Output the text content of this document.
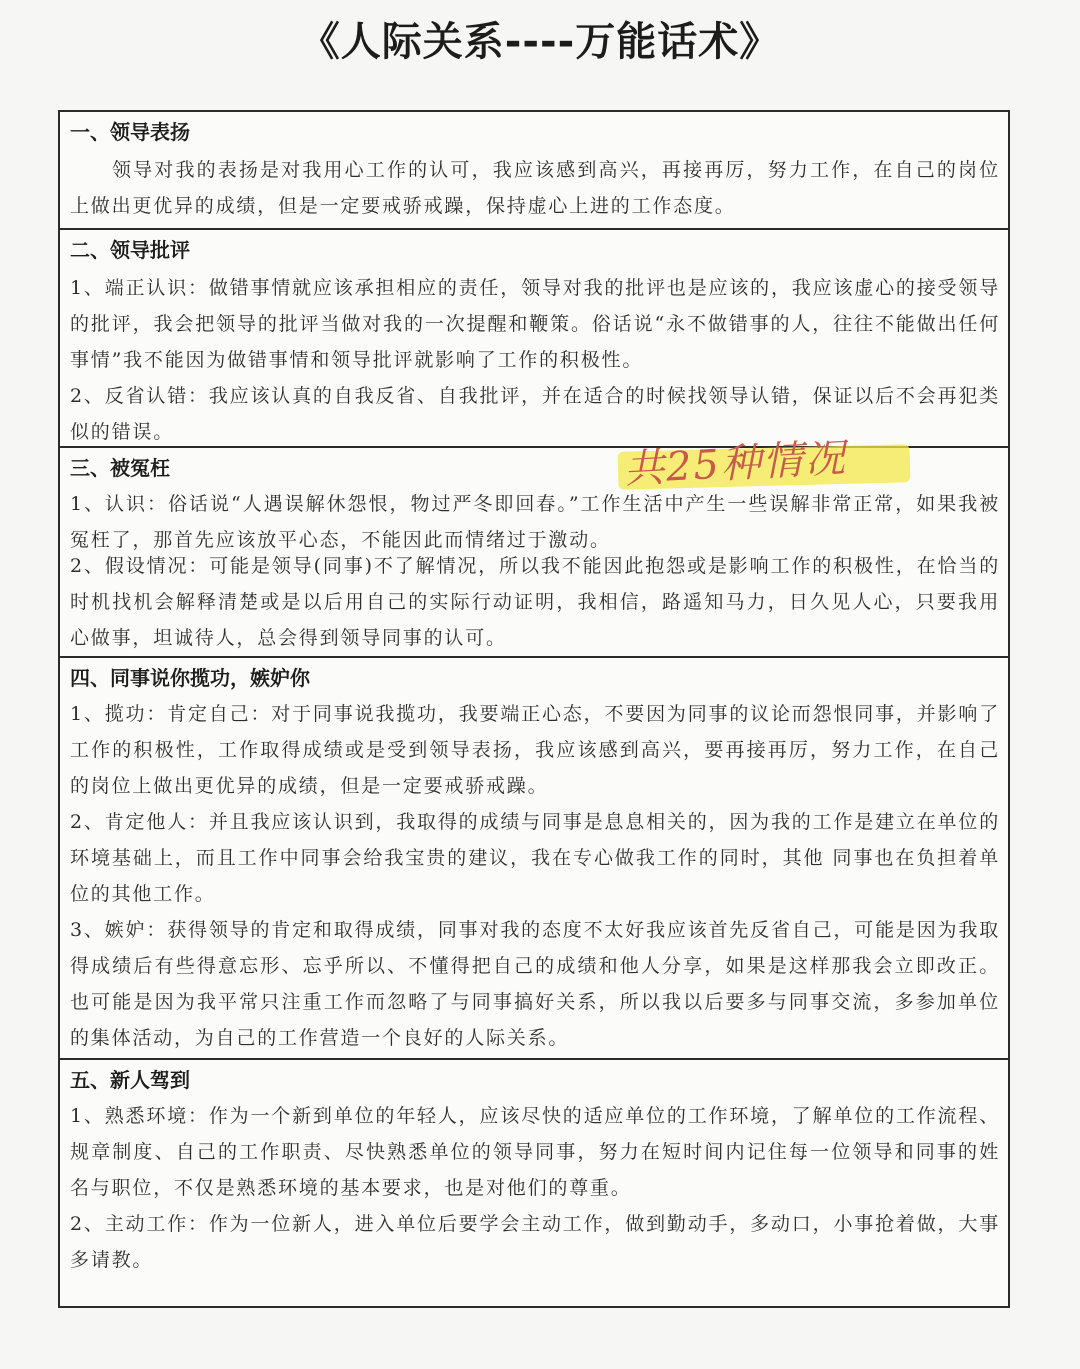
《人际关系----万能话术》
一、领导表扬
领导对我的表扬是对我用心工作的认可，我应该感到高兴，再接再厉，努力工作，在自己的岗位上做出更优异的成绩，但是一定要戒骄戒躁，保持虚心上进的工作态度。
二、领导批评
1、端正认识：做错事情就应该承担相应的责任，领导对我的批评也是应该的，我应该虚心的接受领导的批评，我会把领导的批评当做对我的一次提醒和鞭策。俗话说“永不做错事的人，往往不能做出任何事情”我不能因为做错事情和领导批评就影响了工作的积极性。
2、反省认错：我应该认真的自我反省、自我批评，并在适合的时候找领导认错，保证以后不会再犯类似的错误。
三、被冤枉
1、认识：俗话说“人遇误解休怨恨，物过严冬即回春。”工作生活中产生一些误解非常正常，如果我被冤枉了，那首先应该放平心态，不能因此而情绪过于激动。
2、假设情况：可能是领导(同事)不了解情况，所以我不能因此抱怨或是影响工作的积极性，在恰当的时机找机会解释清楚或是以后用自己的实际行动证明，我相信，路遥知马力，日久见人心，只要我用心做事，坦诚待人，总会得到领导同事的认可。
四、同事说你揽功，嫉妒你
1、揽功：肯定自己：对于同事说我揽功，我要端正心态，不要因为同事的议论而怨恨同事，并影响了工作的积极性，工作取得成绩或是受到领导表扬，我应该感到高兴，要再接再厉，努力工作，在自己的岗位上做出更优异的成绩，但是一定要戒骄戒躁。
2、肯定他人：并且我应该认识到，我取得的成绩与同事是息息相关的，因为我的工作是建立在单位的环境基础上，而且工作中同事会给我宝贵的建议，我在专心做我工作的同时，其他 同事也在负担着单位的其他工作。
3、嫉妒：获得领导的肯定和取得成绩，同事对我的态度不太好我应该首先反省自己，可能是因为我取得成绩后有些得意忘形、忘乎所以、不懂得把自己的成绩和他人分享，如果是这样那我会立即改正。也可能是因为我平常只注重工作而忽略了与同事搞好关系，所以我以后要多与同事交流，多参加单位的集体活动，为自己的工作营造一个良好的人际关系。
五、新人驾到
1、熟悉环境：作为一个新到单位的年轻人，应该尽快的适应单位的工作环境，了解单位的工作流程、规章制度、自己的工作职责、尽快熟悉单位的领导同事，努力在短时间内记住每一位领导和同事的姓名与职位，不仅是熟悉环境的基本要求，也是对他们的尊重。
2、主动工作：作为一位新人，进入单位后要学会主动工作，做到勤动手，多动口，小事抢着做，大事多请教。
共25种情况
